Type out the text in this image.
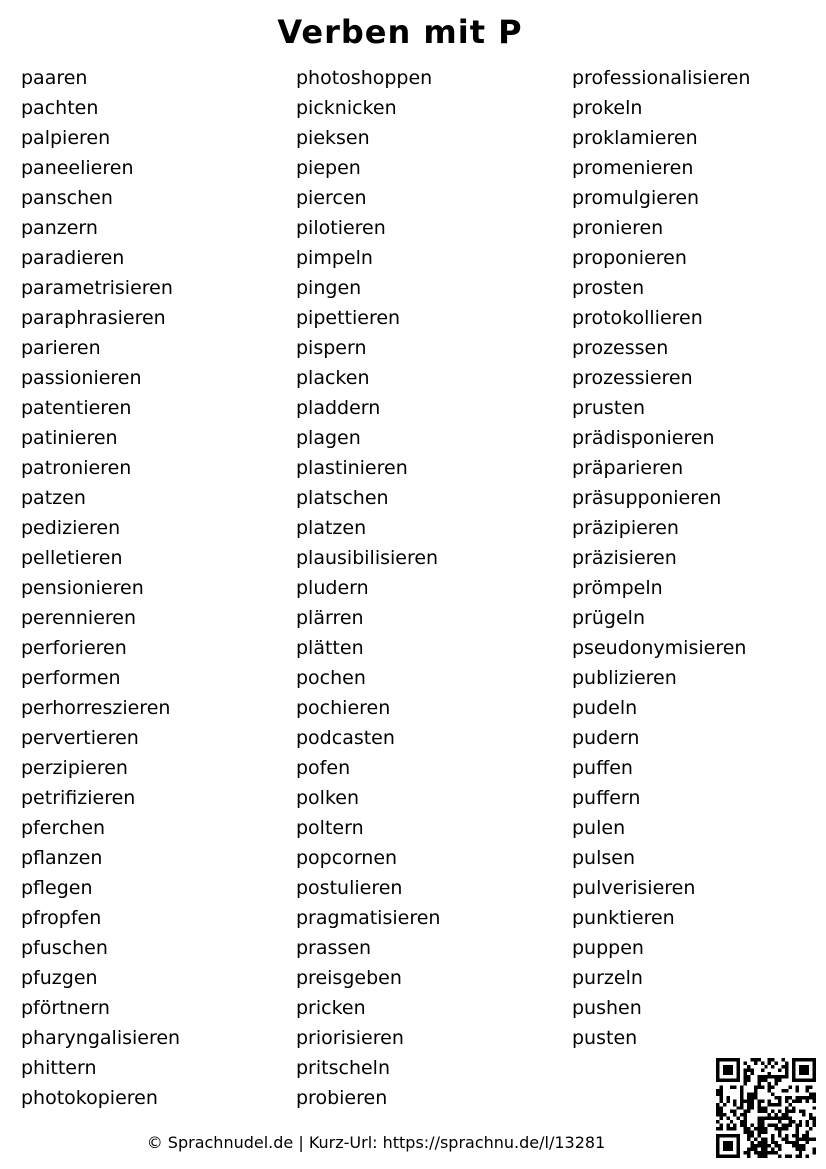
Verben mit P
paaren
pachten
palpieren
paneelieren
panschen
panzern
paradieren
parametrisieren
paraphrasieren
parieren
passionieren
patentieren
patinieren
patronieren
patzen
pedizieren
pelletieren
pensionieren
perennieren
perforieren
performen
perhorreszieren
pervertieren
perzipieren
petrifizieren
pferchen
pflanzen
pflegen
pfropfen
pfuschen
pfuzgen
pförtnern
pharyngalisieren
phittern
photokopieren
photoshoppen
picknicken
pieksen
piepen
piercen
pilotieren
pimpeln
pingen
pipettieren
pispern
placken
pladdern
plagen
plastinieren
platschen
platzen
plausibilisieren
pludern
plärren
plätten
pochen
pochieren
podcasten
pofen
polken
poltern
popcornen
postulieren
pragmatisieren
prassen
preisgeben
pricken
priorisieren
pritscheln
probieren
professionalisieren
prokeln
proklamieren
promenieren
promulgieren
pronieren
proponieren
prosten
protokollieren
prozessen
prozessieren
prusten
prädisponieren
präparieren
präsupponieren
präzipieren
präzisieren
prömpeln
prügeln
pseudonymisieren
publizieren
pudeln
pudern
puffen
puffern
pulen
pulsen
pulverisieren
punktieren
puppen
purzeln
pushen
pusten
© Sprachnudel.de | Kurz-Url: https://sprachnu.de/l/13281
